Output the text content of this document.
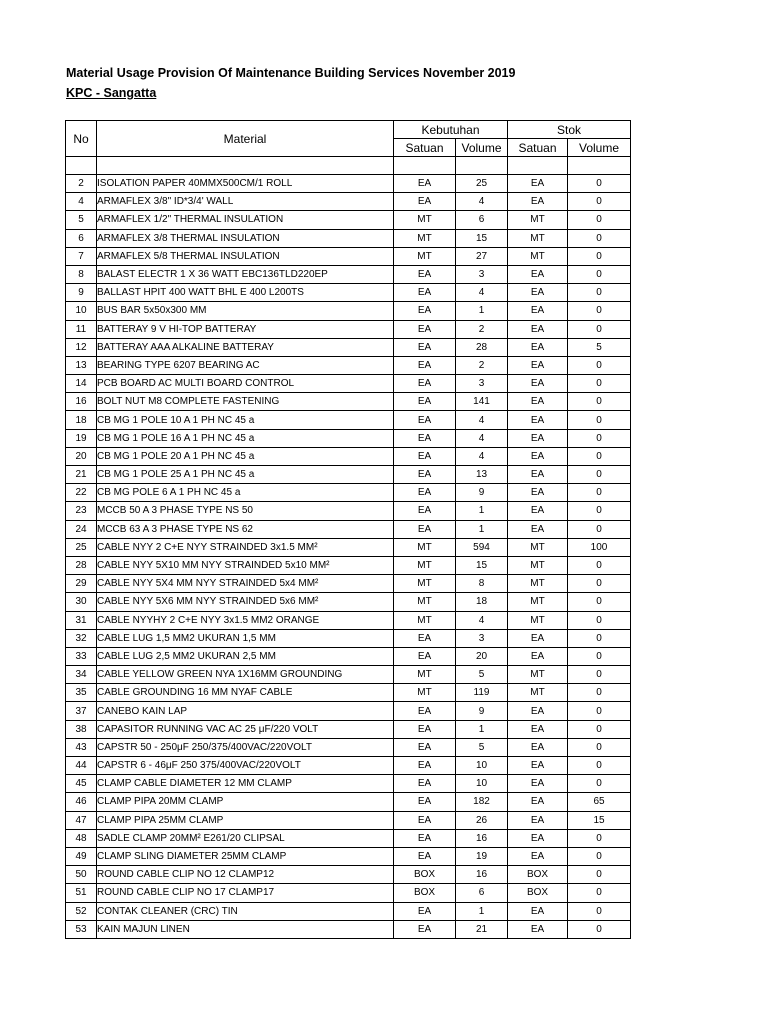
Material Usage Provision Of Maintenance Building Services November 2019
KPC - Sangatta
No	Material	Kebutuhan		Stok	
		Satuan	Volume	Satuan	Volume

2	ISOLATION PAPER 40MMX500CM/1 ROLL	EA	25	EA	0
4	ARMAFLEX 3/8" ID*3/4' WALL	EA	4	EA	0
5	ARMAFLEX 1/2" THERMAL INSULATION	MT	6	MT	0
6	ARMAFLEX 3/8 THERMAL INSULATION	MT	15	MT	0
7	ARMAFLEX 5/8 THERMAL INSULATION	MT	27	MT	0
8	BALAST ELECTR 1 X 36 WATT EBC136TLD220EP	EA	3	EA	0
9	BALLAST HPIT 400 WATT BHL E 400 L200TS	EA	4	EA	0
10	BUS BAR 5x50x300 MM	EA	1	EA	0
11	BATTERAY 9 V HI-TOP BATTERAY	EA	2	EA	0
12	BATTERAY AAA ALKALINE BATTERAY	EA	28	EA	5
13	BEARING TYPE 6207 BEARING AC	EA	2	EA	0
14	PCB BOARD AC MULTI BOARD CONTROL	EA	3	EA	0
16	BOLT NUT M8 COMPLETE FASTENING	EA	141	EA	0
18	CB MG 1 POLE 10 A 1 PH NC 45 a	EA	4	EA	0
19	CB MG 1 POLE 16 A 1 PH NC 45 a	EA	4	EA	0
20	CB MG 1 POLE 20 A 1 PH NC 45 a	EA	4	EA	0
21	CB MG 1 POLE 25 A 1 PH NC 45 a	EA	13	EA	0
22	CB MG POLE 6 A 1 PH NC 45 a	EA	9	EA	0
23	MCCB 50 A 3 PHASE TYPE NS 50	EA	1	EA	0
24	MCCB 63 A 3 PHASE TYPE NS 62	EA	1	EA	0
25	CABLE NYY 2 C+E NYY STRAINDED 3x1.5 MM²	MT	594	MT	100
28	CABLE NYY 5X10 MM NYY STRAINDED 5x10 MM²	MT	15	MT	0
29	CABLE NYY 5X4 MM NYY STRAINDED 5x4 MM²	MT	8	MT	0
30	CABLE NYY 5X6 MM NYY STRAINDED 5x6 MM²	MT	18	MT	0
31	CABLE NYYHY 2 C+E NYY 3x1.5 MM2 ORANGE	MT	4	MT	0
32	CABLE LUG 1,5 MM2 UKURAN 1,5 MM	EA	3	EA	0
33	CABLE LUG 2,5 MM2 UKURAN 2,5 MM	EA	20	EA	0
34	CABLE YELLOW GREEN NYA 1X16MM GROUNDING	MT	5	MT	0
35	CABLE GROUNDING 16 MM NYAF CABLE	MT	119	MT	0
37	CANEBO KAIN LAP	EA	9	EA	0
38	CAPASITOR RUNNING VAC AC 25 μF/220 VOLT	EA	1	EA	0
43	CAPSTR 50 - 250μF 250/375/400VAC/220VOLT	EA	5	EA	0
44	CAPSTR 6 - 46μF 250 375/400VAC/220VOLT	EA	10	EA	0
45	CLAMP CABLE DIAMETER 12 MM CLAMP	EA	10	EA	0
46	CLAMP PIPA 20MM CLAMP	EA	182	EA	65
47	CLAMP PIPA 25MM CLAMP	EA	26	EA	15
48	SADLE CLAMP 20MM² E261/20 CLIPSAL	EA	16	EA	0
49	CLAMP SLING DIAMETER 25MM CLAMP	EA	19	EA	0
50	ROUND CABLE CLIP NO 12 CLAMP12	BOX	16	BOX	0
51	ROUND CABLE CLIP NO 17 CLAMP17	BOX	6	BOX	0
52	CONTAK CLEANER (CRC) TIN	EA	1	EA	0
53	KAIN MAJUN LINEN	EA	21	EA	0
